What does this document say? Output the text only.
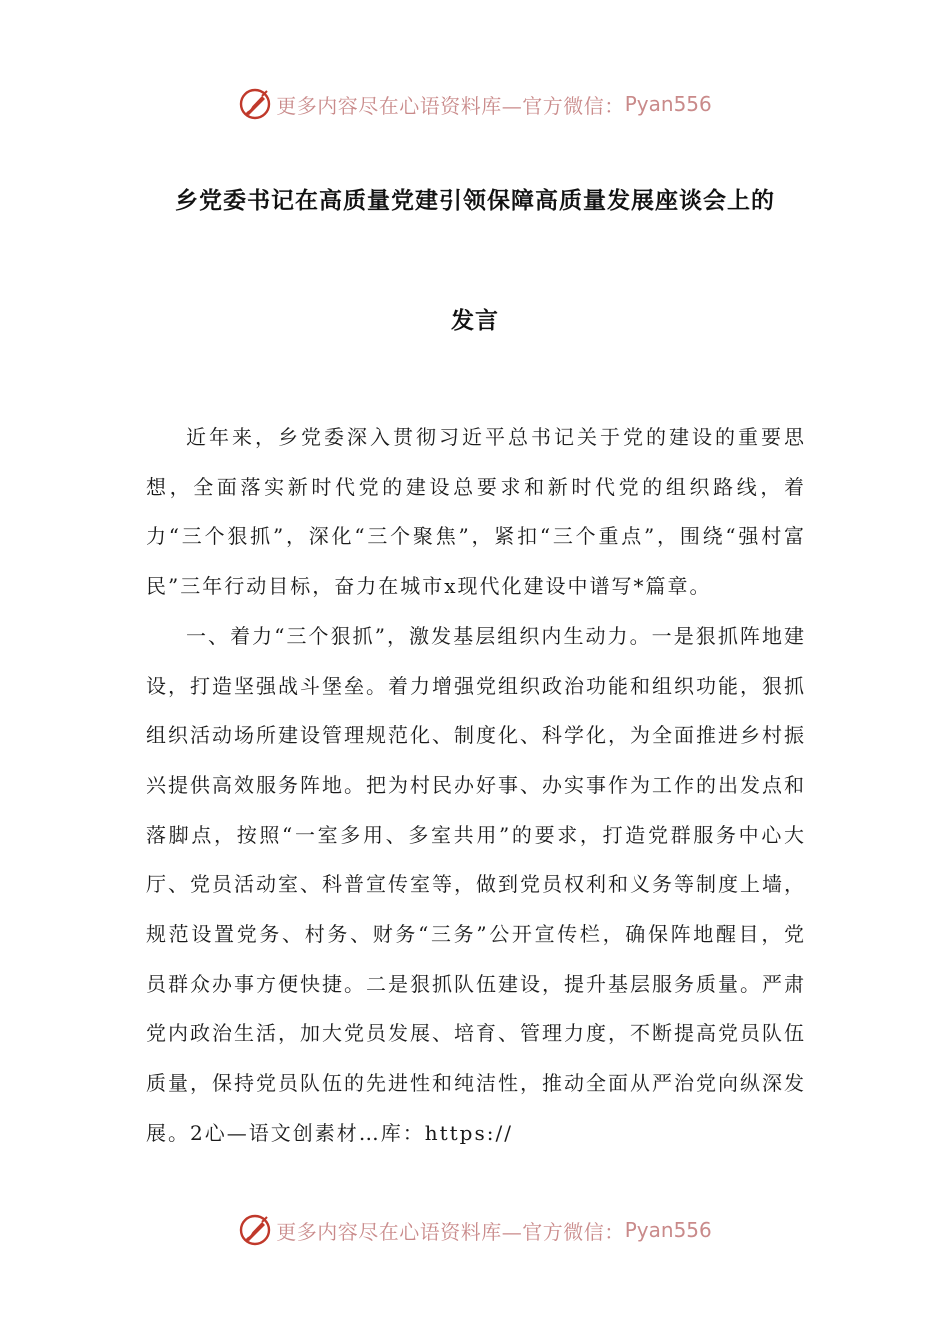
更多内容尽在心语资料库—官方微信： Pyan556
乡党委书记在高质量党建引领保障高质量发展座谈会上的
发言

近年来，乡党委深入贯彻习近平总书记关于党的建设的重要思想，全面落实新时代党的建设总要求和新时代党的组织路线，着力“三个狠抓”，深化“三个聚焦”，紧扣“三个重点”，围绕“强村富民”三年行动目标，奋力在城市x现代化建设中谱写*篇章。

一、着力“三个狠抓”，激发基层组织内生动力。一是狠抓阵地建设，打造坚强战斗堡垒。着力增强党组织政治功能和组织功能，狠抓组织活动场所建设管理规范化、制度化、科学化，为全面推进乡村振兴提供高效服务阵地。把为村民办好事、办实事作为工作的出发点和落脚点，按照“一室多用、多室共用”的要求，打造党群服务中心大厅、党员活动室、科普宣传室等，做到党员权利和义务等制度上墙，规范设置党务、村务、财务“三务”公开宣传栏，确保阵地醒目，党员群众办事方便快捷。二是狠抓队伍建设，提升基层服务质量。严肃党内政治生活，加大党员发展、培育、管理力度，不断提高党员队伍质量，保持党员队伍的先进性和纯洁性，推动全面从严治党向纵深发展。2心—语文创素材…库：https://

更多内容尽在心语资料库—官方微信： Pyan556
